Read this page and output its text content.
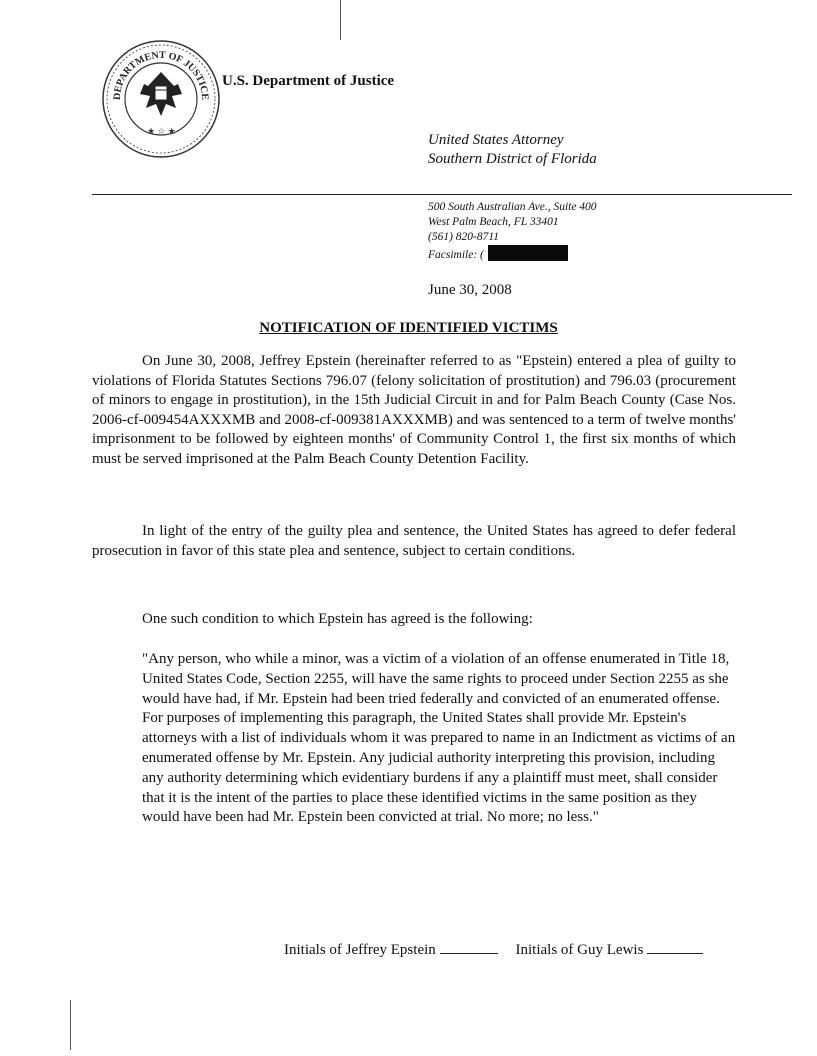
DEPARTMENT OF JUSTICE
★ ☆ ★
U.S. Department of Justice
United States Attorney
Southern District of Florida
500 South Australian Ave., Suite 400
West Palm Beach, FL 33401
(561) 820-8711
Facsimile: (
June 30, 2008
NOTIFICATION OF IDENTIFIED VICTIMS
On June 30, 2008, Jeffrey Epstein (hereinafter referred to as "Epstein) entered a plea of guilty to violations of Florida Statutes Sections 796.07 (felony solicitation of prostitution) and 796.03 (procurement of minors to engage in prostitution), in the 15th Judicial Circuit in and for Palm Beach County (Case Nos. 2006-cf-009454AXXXMB and 2008-cf-009381AXXXMB) and was sentenced to a term of twelve months' imprisonment to be followed by eighteen months' of Community Control 1, the first six months of which must be served imprisoned at the Palm Beach County Detention Facility.
In light of the entry of the guilty plea and sentence, the United States has agreed to defer federal prosecution in favor of this state plea and sentence, subject to certain conditions.
One such condition to which Epstein has agreed is the following:
"Any person, who while a minor, was a victim of a violation of an offense enumerated in Title 18, United States Code, Section 2255, will have the same rights to proceed under Section 2255 as she would have had, if Mr. Epstein had been tried federally and convicted of an enumerated offense. For purposes of implementing this paragraph, the United States shall provide Mr. Epstein's attorneys with a list of individuals whom it was prepared to name in an Indictment as victims of an enumerated offense by Mr. Epstein. Any judicial authority interpreting this provision, including any authority determining which evidentiary burdens if any a plaintiff must meet, shall consider that it is the intent of the parties to place these identified victims in the same position as they would have been had Mr. Epstein been convicted at trial. No more; no less."
Initials of Jeffrey Epstein	Initials of Guy Lewis
